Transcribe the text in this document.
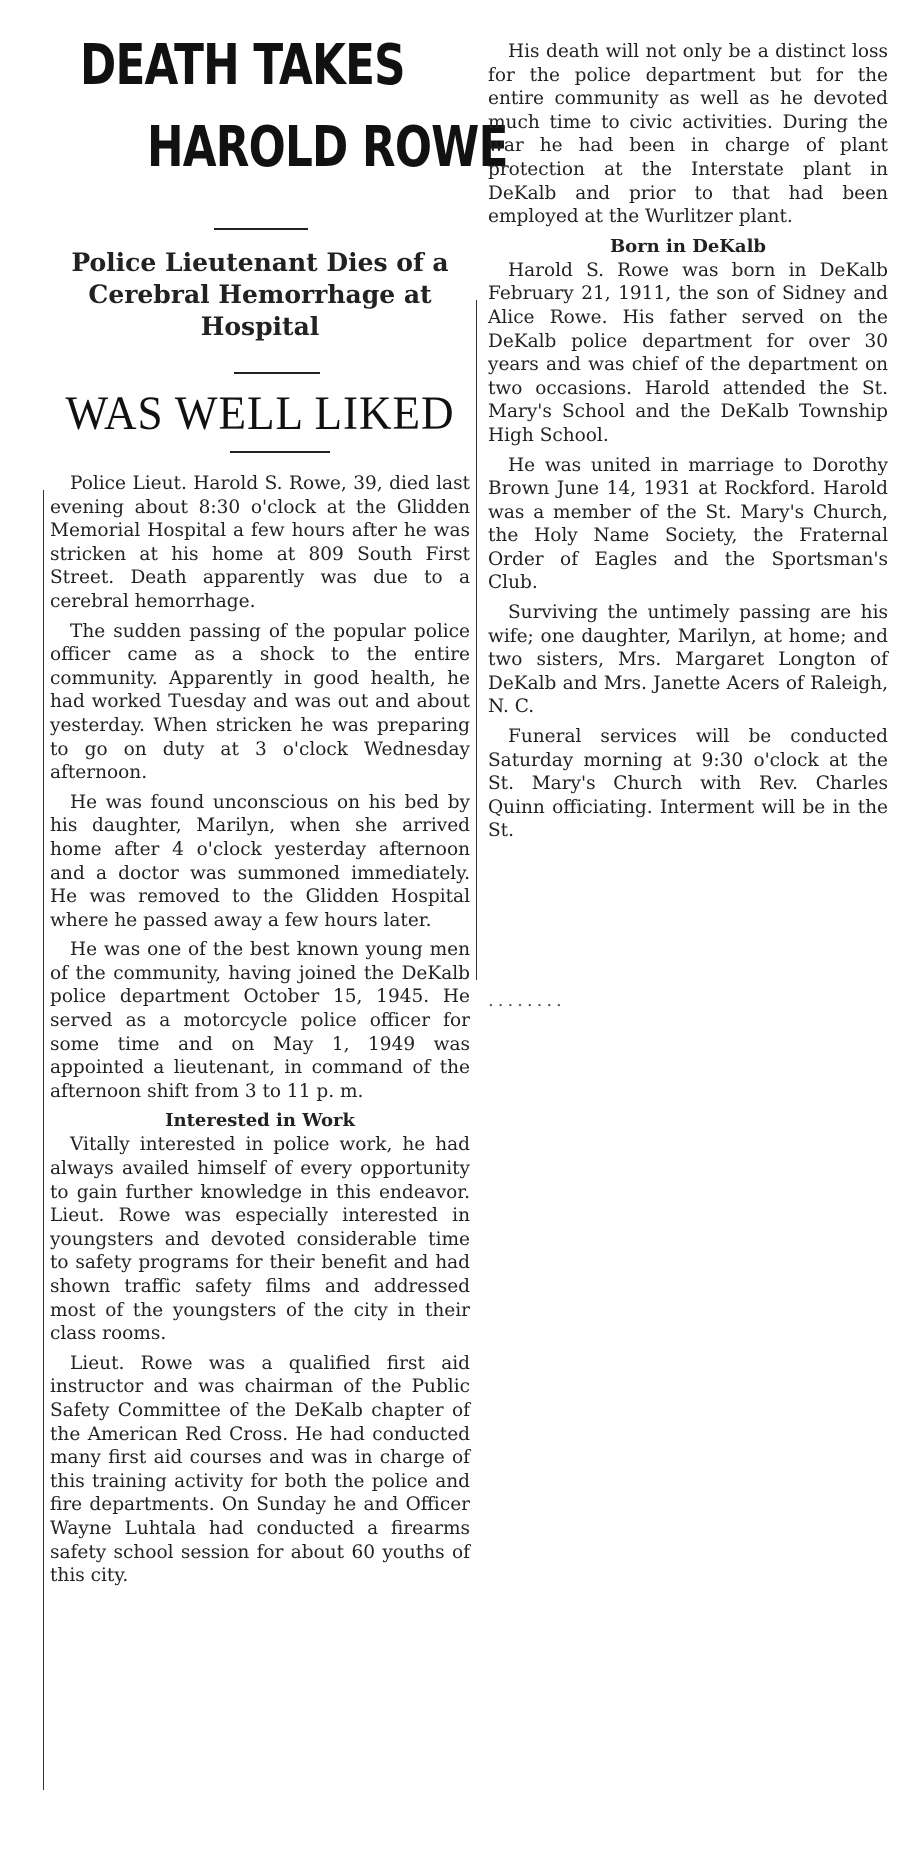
DEATH TAKES
HAROLD ROWE

Police Lieutenant Dies of a

Cerebral Hemorrhage at

Hospital

WAS WELL LIKED

Police Lieut. Harold S. Rowe, 39, died last evening about 8:30 o'clock at the Glidden Memorial Hospital a few hours after he was stricken at his home at 809 South First Street. Death apparently was due to a cerebral hemorrhage.

The sudden passing of the popular police officer came as a shock to the entire community. Apparently in good health, he had worked Tuesday and was out and about yesterday. When stricken he was preparing to go on duty at 3 o'clock Wednesday afternoon.

He was found unconscious on his bed by his daughter, Marilyn, when she arrived home after 4 o'clock yesterday afternoon and a doctor was summoned immediately. He was removed to the Glidden Hospital where he passed away a few hours later.

He was one of the best known young men of the community, having joined the DeKalb police department October 15, 1945. He served as a motorcycle police officer for some time and on May 1, 1949 was appointed a lieutenant, in command of the afternoon shift from 3 to 11 p. m.

Interested in Work

Vitally interested in police work, he had always availed himself of every opportunity to gain further knowledge in this endeavor. Lieut. Rowe was especially interested in youngsters and devoted considerable time to safety programs for their benefit and had shown traffic safety films and addressed most of the youngsters of the city in their class rooms.

Lieut. Rowe was a qualified first aid instructor and was chairman of the Public Safety Committee of the DeKalb chapter of the American Red Cross. He had conducted many first aid courses and was in charge of this training activity for both the police and fire departments. On Sunday he and Officer Wayne Luhtala had conducted a firearms safety school session for about 60 youths of this city.

His death will not only be a distinct loss for the police department but for the entire community as well as he devoted much time to civic activities. During the war he had been in charge of plant protection at the Interstate plant in DeKalb and prior to that had been employed at the Wurlitzer plant.

Born in DeKalb

Harold S. Rowe was born in DeKalb February 21, 1911, the son of Sidney and Alice Rowe. His father served on the DeKalb police department for over 30 years and was chief of the department on two occasions. Harold attended the St. Mary's School and the DeKalb Township High School.

He was united in marriage to Dorothy Brown June 14, 1931 at Rockford. Harold was a member of the St. Mary's Church, the Holy Name Society, the Fraternal Order of Eagles and the Sportsman's Club.

Surviving the untimely passing are his wife; one daughter, Marilyn, at home; and two sisters, Mrs. Margaret Longton of DeKalb and Mrs. Janette Acers of Raleigh, N. C.

Funeral services will be conducted Saturday morning at 9:30 o'clock at the St. Mary's Church with Rev. Charles Quinn officiating. Interment will be in the St.

........
